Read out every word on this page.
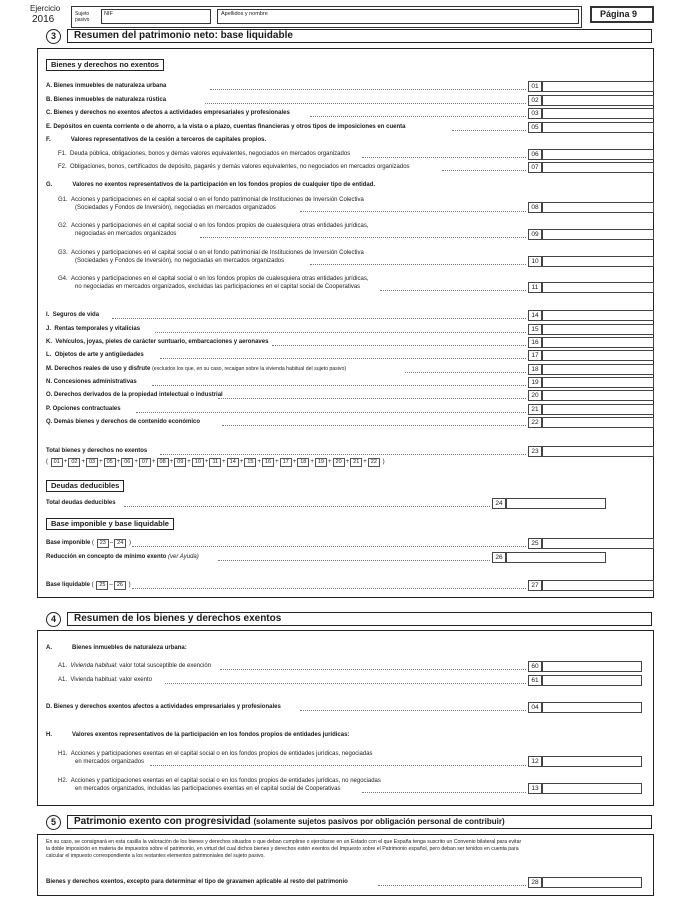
Ejercicio
2016	Sujeto pasivo
NIF	Apellidos y nombre	Página 9
3	Resumen del patrimonio neto: base liquidable
Bienes y derechos no exentos
A. Bienes inmuebles de naturaleza urbana	01
B. Bienes inmuebles de naturaleza rústica	02
C. Bienes y derechos no exentos afectos a actividades empresariales y profesionales	03
E. Depósitos en cuenta corriente o de ahorro, a la vista o a plazo, cuentas financieras y otros tipos de imposiciones en cuenta	05
F.	Valores representativos de la cesión a terceros de capitales propios.
F1. Deuda pública, obligaciones, bonos y demás valores equivalentes, negociados en mercados organizados	06
F2. Obligaciones, bonos, certificados de depósito, pagarés y demás valores equivalentes, no negociados en mercados organizados	07
G.	Valores no exentos representativos de la participación en los fondos propios de cualquier tipo de entidad.
G1. Acciones y participaciones en el capital social o en el fondo patrimonial de Instituciones de Inversión Colectiva
(Sociedades y Fondos de Inversión), negociadas en mercados organizados	08
G2. Acciones y participaciones en el capital social o en los fondos propios de cualesquiera otras entidades jurídicas,
negociadas en mercados organizados	09
G3. Acciones y participaciones en el capital social o en el fondo patrimonial de Instituciones de Inversión Colectiva
(Sociedades y Fondos de Inversión), no negociadas en mercados organizados	10
G4. Acciones y participaciones en el capital social o en los fondos propios de cualesquiera otras entidades jurídicas,
no negociadas en mercados organizados, excluidas las participaciones en el capital social de Cooperativas	11
I. Seguros de vida	14
J. Rentas temporales y vitalicias	15
K. Vehículos, joyas, pieles de carácter suntuario, embarcaciones y aeronaves	16
L. Objetos de arte y antigüedades	17
M. Derechos reales de uso y disfrute (excluidos los que, en su caso, recaigan sobre la vivienda habitual del sujeto pasivo)	18
N. Concesiones administrativas	19
O. Derechos derivados de la propiedad intelectual o industrial	20
P. Opciones contractuales	21
Q. Demás bienes y derechos de contenido económico	22
Total bienes y derechos no exentos	23
( 01 + 02 + 03 + 05 + 06 + 07 + 08 + 09 + 10 + 11 + 14 + 15 + 16 + 17 + 18 + 19 + 20 + 21 + 22 )
Deudas deducibles
Total deudas deducibles	24
Base imponible y base liquidable
Base imponible ( 23 – 24 )	25
Reducción en concepto de mínimo exento (ver Ayuda)	26
Base liquidable ( 25 – 26 )	27
4	Resumen de los bienes y derechos exentos
A.	Bienes inmuebles de naturaleza urbana:
A1. Vivienda habitual: valor total susceptible de exención	60
A1. Vivienda habitual: valor exento	61
D. Bienes y derechos exentos afectos a actividades empresariales y profesionales	04
H.	Valores exentos representativos de la participación en los fondos propios de entidades jurídicas:
H1. Acciones y participaciones exentas en el capital social o en los fondos propios de entidades jurídicas, negociadas
en mercados organizados	12
H2. Acciones y participaciones exentas en el capital social o en los fondos propios de entidades jurídicas, no negociadas
en mercados organizados, incluidas las participaciones exentas en el capital social de Cooperativas	13
5	Patrimonio exento con progresividad (solamente sujetos pasivos por obligación personal de contribuir)
En su caso, se consignará en esta casilla la valoración de los bienes y derechos situados o que deban cumplirse o ejercitarse en un Estado con el que España tenga suscrito un Convenio bilateral para evitar
la doble imposición en materia de impuestos sobre el patrimonio, en virtud del cual dichos bienes y derechos estén exentos del Impuesto sobre el Patrimonio español, pero deban ser tenidos en cuenta para
calcular el impuesto correspondiente a los restantes elementos patrimoniales del sujeto pasivo.
Bienes y derechos exentos, excepto para determinar el tipo de gravamen aplicable al resto del patrimonio	28
